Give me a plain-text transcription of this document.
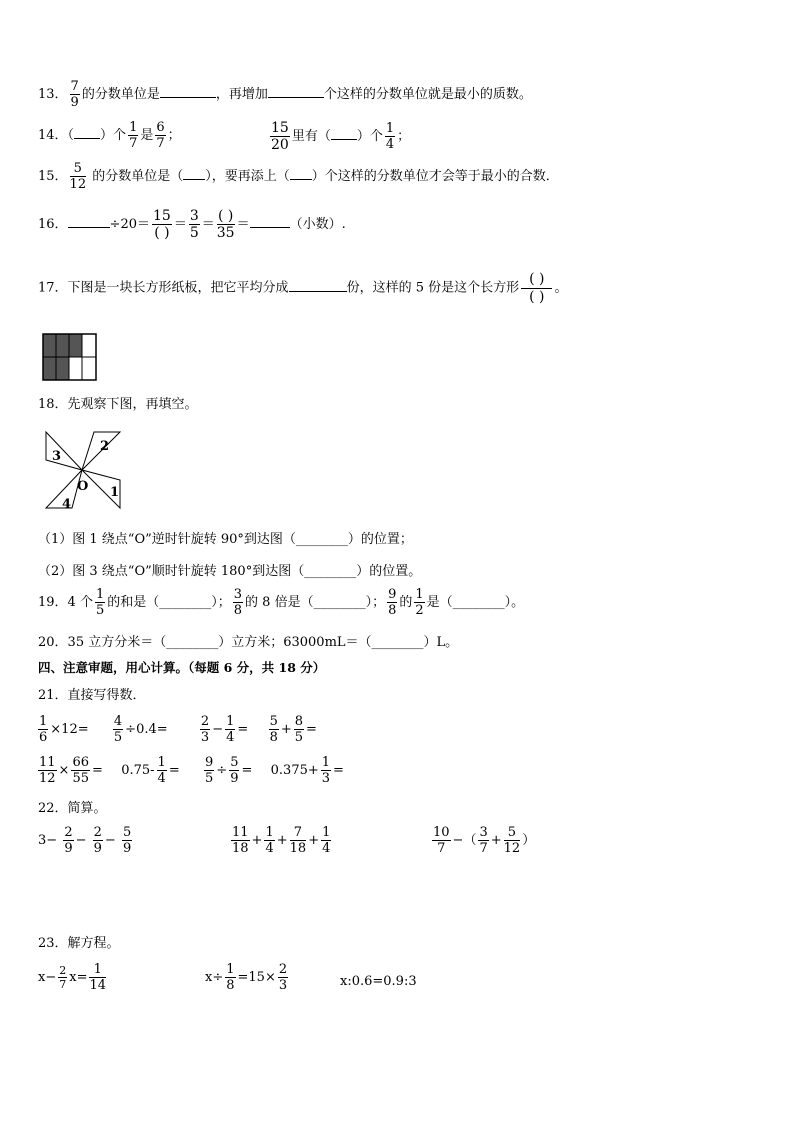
13． $\frac{7}{9}$ 的分数单位是	，再增加	个这样的分数单位就是最小的质数。
14．（ ）个 $\frac{1}{7}$ 是 $\frac{6}{7}$ ；	$\frac{15}{20}$ 里有（ ）个 $\frac{1}{4}$ ；
15． $\frac{5}{12}$ 的分数单位是（ ），要再添上（ ）个这样的分数单位才会等于最小的合数．
16．	÷20＝
15
( )
＝ $\frac{3}{5}$ ＝
( )
35
＝	（小数）.
17．下图是一块长方形纸板，把它平均分成	份，这样的 5 份是这个长方形
( )
( )
。
18．先观察下图，再填空。
2
3
1
4
O
（1）图 1 绕点“O”逆时针旋转 90°到达图（________）的位置；
（2）图 3 绕点“O”顺时针旋转 180°到达图（________）的位置。
19．4 个 $\frac{1}{5}$ 的和是（________）； $\frac{3}{8}$ 的 8 倍是（________）； $\frac{9}{8}$ 的 $\frac{1}{2}$ 是（________）。
20．35 立方分米＝（________）立方米；63000mL＝（________）L。
四、注意审题，用心计算。（每题 6 分，共 18 分）
21．直接写得数．
$\frac{1}{6} \times 12= \frac{4}{5} \div 0.4= \frac{2}{3} - \frac{1}{4} = \frac{5}{8} + \frac{8}{5}$ =
$\frac{11}{12} \times \frac{66}{55} = 0.75- \frac{1}{4} = \frac{9}{5} \div \frac{5}{9} = 0.375+ \frac{1}{3}$ =
22．简算。
$3- \frac{2}{9} - \frac{2}{9} - \frac{5}{9}$	$\frac{11}{18} + \frac{1}{4} + \frac{7}{18} + \frac{1}{4}$	$\frac{10}{7}$ −（ $\frac{3}{7} + \frac{5}{12}$ ）
23．解方程。
$x- \frac{2}{7} x= \frac{1}{14}$	$x\div \frac{1}{8} =15\times \frac{2}{3}$	x:0.6=0.9:3
